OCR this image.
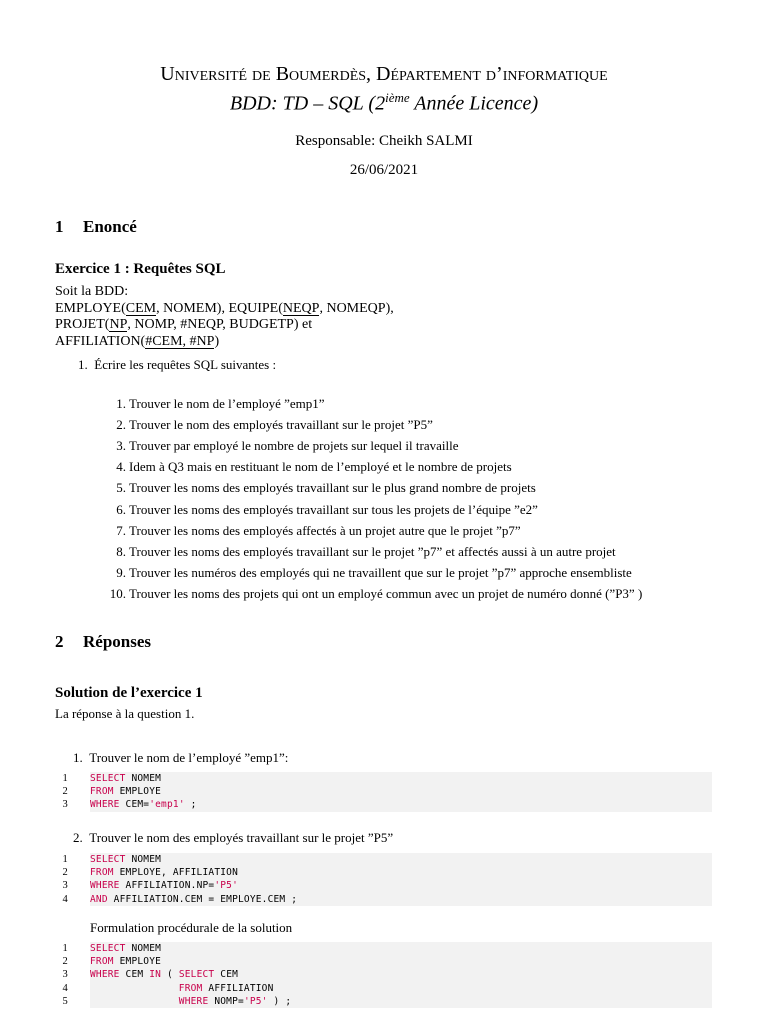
Université de Boumerdès, Département d’informatique
BDD: TD – SQL (2ième Année Licence)
Responsable: Cheikh SALMI
26/06/2021
1 Enoncé
Exercice 1 : Requêtes SQL
Soit la BDD:
EMPLOYE(CEM, NOMEM), EQUIPE(NEQP, NOMEQP),
PROJET(NP, NOMP, #NEQP, BUDGETP) et
AFFILIATION(#CEM, #NP)
1. Écrire les requêtes SQL suivantes :
1. Trouver le nom de l’employé ”emp1”
2. Trouver le nom des employés travaillant sur le projet ”P5”
3. Trouver par employé le nombre de projets sur lequel il travaille
4. Idem à Q3 mais en restituant le nom de l’employé et le nombre de projets
5. Trouver les noms des employés travaillant sur le plus grand nombre de projets
6. Trouver les noms des employés travaillant sur tous les projets de l’équipe ”e2”
7. Trouver les noms des employés affectés à un projet autre que le projet ”p7”
8. Trouver les noms des employés travaillant sur le projet ”p7” et affectés aussi à un autre projet
9. Trouver les numéros des employés qui ne travaillent que sur le projet ”p7” approche ensembliste
10. Trouver les noms des projets qui ont un employé commun avec un projet de numéro donné (”P3” )
2 Réponses
Solution de l’exercice 1
La réponse à la question 1.
1. Trouver le nom de l’employé ”emp1”:
1 SELECT NOMEM
2 FROM EMPLOYE
3 WHERE CEM='emp1' ;
2. Trouver le nom des employés travaillant sur le projet ”P5”
1 SELECT NOMEM
2 FROM EMPLOYE, AFFILIATION
3 WHERE AFFILIATION.NP='P5'
4 AND AFFILIATION.CEM = EMPLOYE.CEM ;
Formulation procédurale de la solution
1 SELECT NOMEM
2 FROM EMPLOYE
3 WHERE CEM IN ( SELECT CEM
4	FROM AFFILIATION
5	WHERE NOMP='P5' ) ;
